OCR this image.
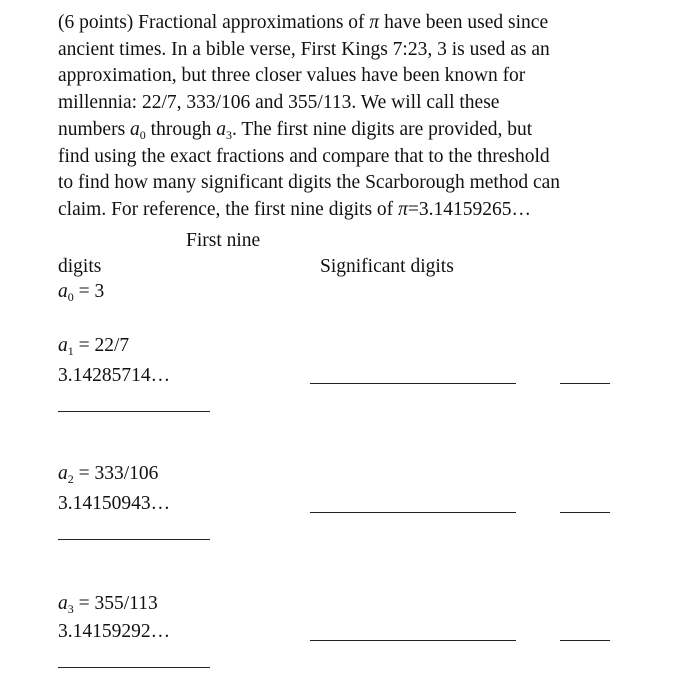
(6 points) Fractional approximations of π have been used since
ancient times. In a bible verse, First Kings 7:23, 3 is used as an
approximation, but three closer values have been known for
millennia: 22/7, 333/106 and 355/113. We will call these
numbers $a_0$ through $a_3$. The first nine digits are provided, but
find using the exact fractions and compare that to the threshold
to find how many significant digits the Scarborough method can
claim. For reference, the first nine digits of π=3.14159265…
First nine
digits	Significant digits
$a_0 = 3$
$a_1 = 22/7$
3.14285714…
$a_2 = 333/106$
3.14150943…
$a_3 = 355/113$
3.14159292…
